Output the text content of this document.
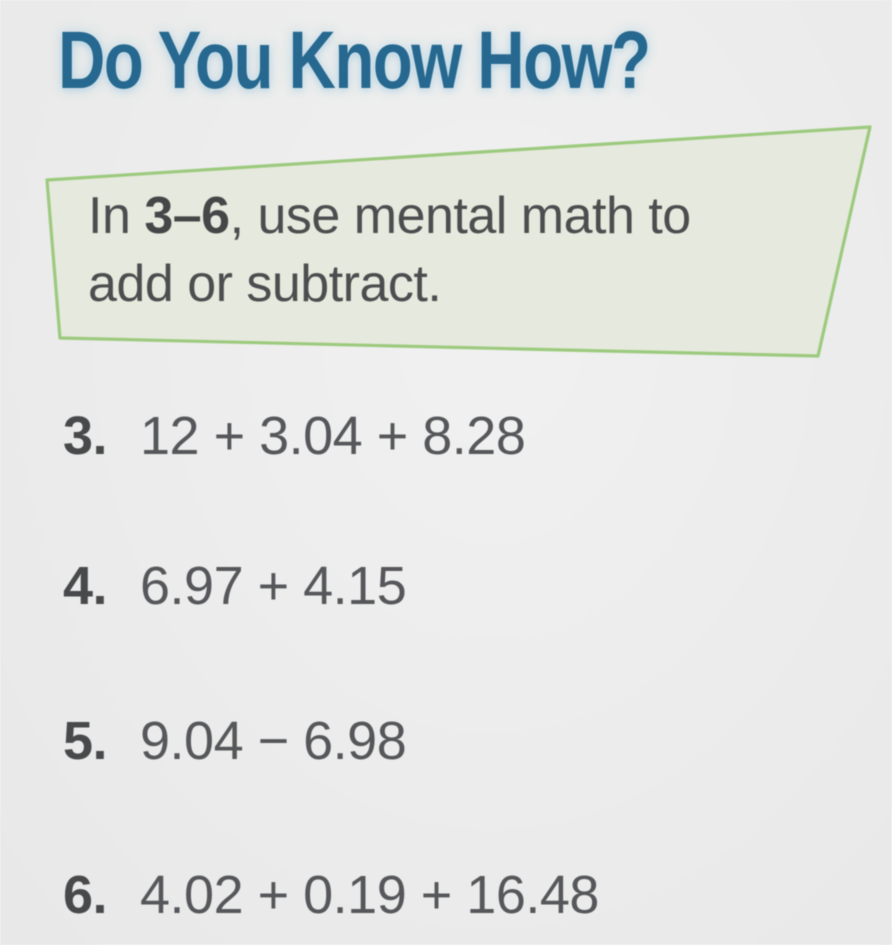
Do You Know How?

In 3–6, use mental math to
add or subtract.

3. 12 + 3.04 + 8.28
4. 6.97 + 4.15
5. 9.04 − 6.98
6. 4.02 + 0.19 + 16.48
